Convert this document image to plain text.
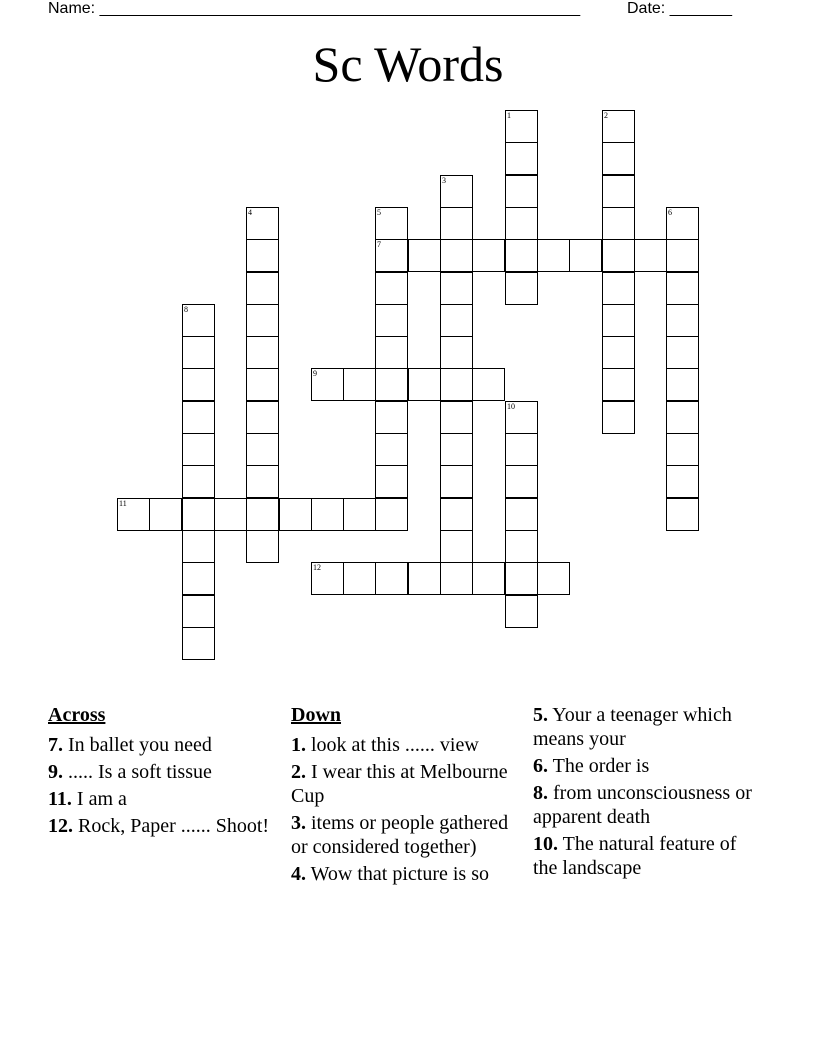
Name: ______________________________________________________	Date: _______
Sc Words
1	2
3
4	5
7
6
8
9
10
11
12
Across
7. In ballet you need
9. ..... Is a soft tissue
11. I am a
12. Rock, Paper ...... Shoot!
Down
1. look at this ...... view
2. I wear this at Melbourne Cup
3. items or people gathered or considered together)
4. Wow that picture is so
5. Your a teenager which means your
6. The order is
8. from unconsciousness or apparent death
10. The natural feature of the landscape
